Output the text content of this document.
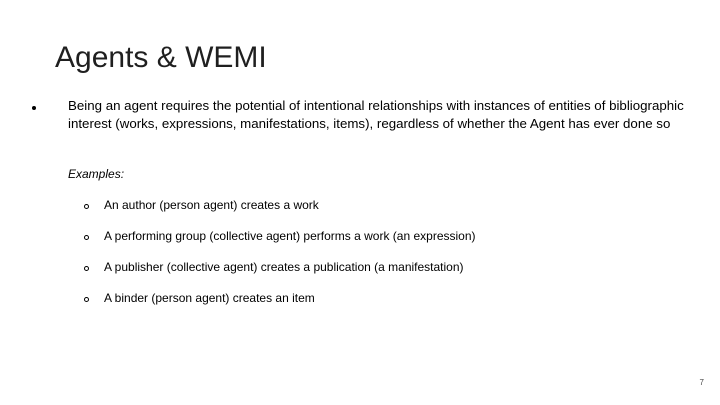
Agents & WEMI
Being an agent requires the potential of intentional relationships with instances of entities of bibliographic interest (works, expressions, manifestations, items), regardless of whether the Agent has ever done so
Examples:
An author (person agent) creates a work
A performing group (collective agent) performs a work (an expression)
A publisher (collective agent) creates a publication (a manifestation)
A binder (person agent) creates an item
7
